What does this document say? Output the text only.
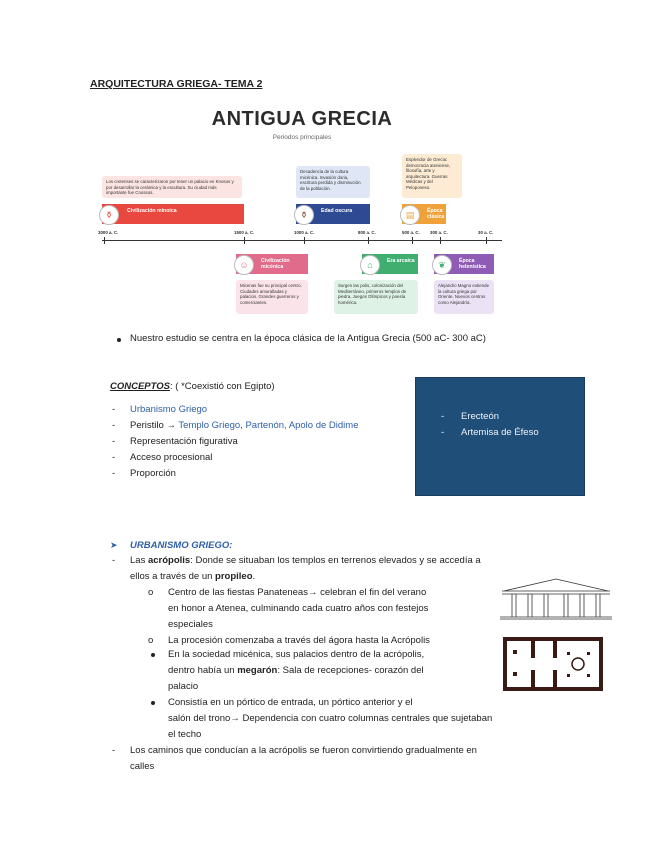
ARQUITECTURA GRIEGA- TEMA 2
ANTIGUA GRECIA
Periodos principales
Los cretenses se caracterizaron por tener un palacio en Knosos y por desarrollar la cerámica y la escultura. Su ciudad más importante fue Cnossos.
Decadencia de la cultura micénica. Invasión doria, escritura perdida y disminución de la población.
Esplendor de Grecia: democracia ateniense, filosofía, arte y arquitectura. Guerras Médicas y del Peloponeso.
Civilización minoica
⚱	Edad oscura
⚱	Época clásica
▤
3000 a. C.	1500 a. C.	1000 a. C.	800 a. C.	500 a. C. 300 a. C.	30 a. C.
Civilización micénica
☺	Era arcaica
⌂	Época helenística
❦
Micenas fue su principal centro. Ciudades amuralladas y palacios. Grandes guerreros y comerciantes.
Surgen las polis, colonización del Mediterráneo, primeros templos de piedra, Juegos Olímpicos y poesía homérica.
Alejandro Magno extiende la cultura griega por Oriente. Nuevos centros como Alejandría.
Nuestro estudio se centra en la época clásica de la Antigua Grecia (500 aC- 300 aC)
CONCEPTOS: ( *Coexistió con Egipto)
- Urbanismo Griego
- Peristilo → Templo Griego, Partenón, Apolo de Didime
- Representación figurativa
- Acceso procesional
- Proporción
- Erecteón
- Artemisa de Éfeso
➤ URBANISMO GRIEGO:
- Las acrópolis: Donde se situaban los templos en terrenos elevados y se accedía a
ellos a través de un propileo.
o Centro de las fiestas Panateneas→ celebran el fin del verano
en honor a Atenea, culminando cada cuatro años con festejos
especiales
o La procesión comenzaba a través del ágora hasta la Acrópolis
En la sociedad micénica, sus palacios dentro de la acrópolis,
dentro había un megarón: Sala de recepciones- corazón del
palacio
Consistía en un pórtico de entrada, un pórtico anterior y el
salón del trono→ Dependencia con cuatro columnas centrales que sujetaban
el techo
- Los caminos que conducían a la acrópolis se fueron convirtiendo gradualmente en
calles
